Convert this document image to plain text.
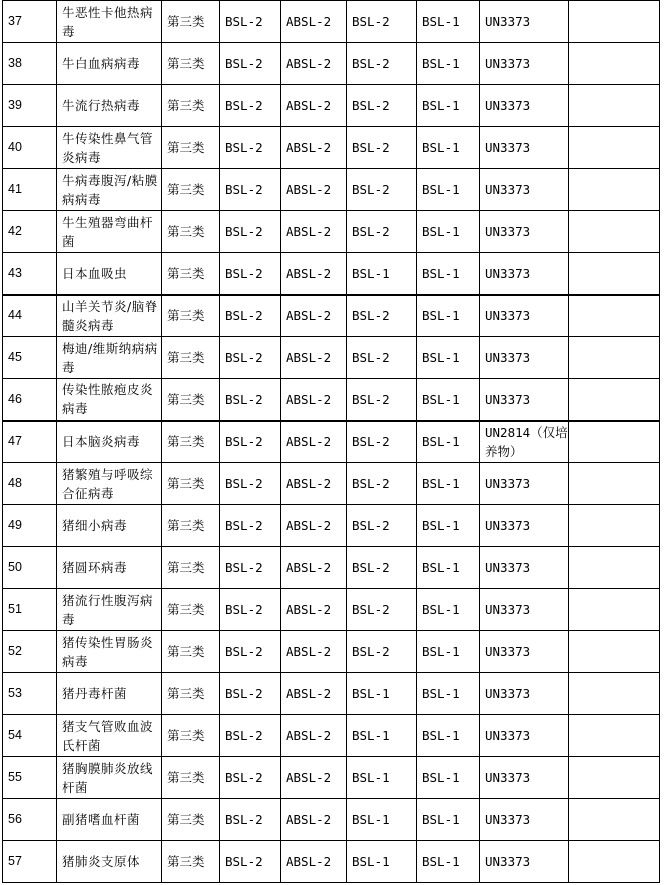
37	牛恶性卡他热病毒	第三类	BSL-2	ABSL-2	BSL-2	BSL-1	UN3373	
38	牛白血病病毒	第三类	BSL-2	ABSL-2	BSL-2	BSL-1	UN3373	
39	牛流行热病毒	第三类	BSL-2	ABSL-2	BSL-2	BSL-1	UN3373	
40	牛传染性鼻气管炎病毒	第三类	BSL-2	ABSL-2	BSL-2	BSL-1	UN3373	
41	牛病毒腹泻/粘膜病病毒	第三类	BSL-2	ABSL-2	BSL-2	BSL-1	UN3373	
42	牛生殖器弯曲杆菌	第三类	BSL-2	ABSL-2	BSL-2	BSL-1	UN3373	
43	日本血吸虫	第三类	BSL-2	ABSL-2	BSL-1	BSL-1	UN3373	
44	山羊关节炎/脑脊髓炎病毒	第三类	BSL-2	ABSL-2	BSL-2	BSL-1	UN3373	
45	梅迪/维斯纳病病毒	第三类	BSL-2	ABSL-2	BSL-2	BSL-1	UN3373	
46	传染性脓疱皮炎病毒	第三类	BSL-2	ABSL-2	BSL-2	BSL-1	UN3373	
47	日本脑炎病毒	第三类	BSL-2	ABSL-2	BSL-2	BSL-1	UN2814（仅培养物）	
48	猪繁殖与呼吸综合征病毒	第三类	BSL-2	ABSL-2	BSL-2	BSL-1	UN3373	
49	猪细小病毒	第三类	BSL-2	ABSL-2	BSL-2	BSL-1	UN3373	
50	猪圆环病毒	第三类	BSL-2	ABSL-2	BSL-2	BSL-1	UN3373	
51	猪流行性腹泻病毒	第三类	BSL-2	ABSL-2	BSL-2	BSL-1	UN3373	
52	猪传染性胃肠炎病毒	第三类	BSL-2	ABSL-2	BSL-2	BSL-1	UN3373	
53	猪丹毒杆菌	第三类	BSL-2	ABSL-2	BSL-1	BSL-1	UN3373	
54	猪支气管败血波氏杆菌	第三类	BSL-2	ABSL-2	BSL-1	BSL-1	UN3373	
55	猪胸膜肺炎放线杆菌	第三类	BSL-2	ABSL-2	BSL-1	BSL-1	UN3373	
56	副猪嗜血杆菌	第三类	BSL-2	ABSL-2	BSL-1	BSL-1	UN3373	
57	猪肺炎支原体	第三类	BSL-2	ABSL-2	BSL-1	BSL-1	UN3373	
